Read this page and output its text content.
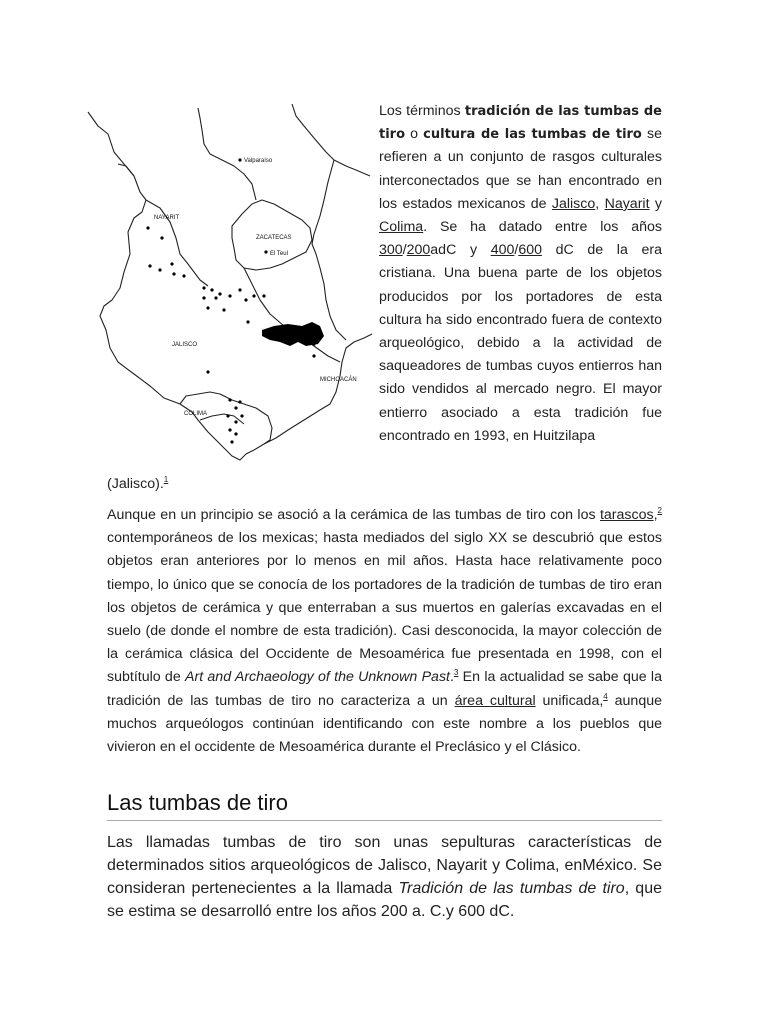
Valparaíso
NAYARIT
ZACATECAS
El Teul
JALISCO
MICHOACÁN
COLIMA

Los términos tradición de las tumbas de tiro o cultura de las tumbas de tiro se refieren a un conjunto de rasgos culturales interconectados que se han encontrado en los estados mexicanos de Jalisco, Nayarit y Colima. Se ha datado entre los años 300/200adC y 400/600 dC de la era cristiana. Una buena parte de los objetos producidos por los portadores de esta cultura ha sido encontrado fuera de contexto arqueológico, debido a la actividad de saqueadores de tumbas cuyos entierros han sido vendidos al mercado negro. El mayor entierro asociado a esta tradición fue encontrado en 1993, en Huitzilapa

(Jalisco).$^1$

Aunque en un principio se asoció a la cerámica de las tumbas de tiro con los tarascos,$^2$ contemporáneos de los mexicas; hasta mediados del siglo XX se descubrió que estos objetos eran anteriores por lo menos en mil años. Hasta hace relativamente poco tiempo, lo único que se conocía de los portadores de la tradición de tumbas de tiro eran los objetos de cerámica y que enterraban a sus muertos en galerías excavadas en el suelo (de donde el nombre de esta tradición). Casi desconocida, la mayor colección de la cerámica clásica del Occidente de Mesoamérica fue presentada en 1998, con el subtítulo de Art and Archaeology of the Unknown Past.$^3$ En la actualidad se sabe que la tradición de las tumbas de tiro no caracteriza a un área cultural unificada,$^4$ aunque muchos arqueólogos continúan identificando con este nombre a los pueblos que vivieron en el occidente de Mesoamérica durante el Preclásico y el Clásico.

Las tumbas de tiro

Las llamadas tumbas de tiro son unas sepulturas características de determinados sitios arqueológicos de Jalisco, Nayarit y Colima, enMéxico. Se consideran pertenecientes a la llamada Tradición de las tumbas de tiro, que se estima se desarrolló entre los años 200 a. C.y 600 dC.
